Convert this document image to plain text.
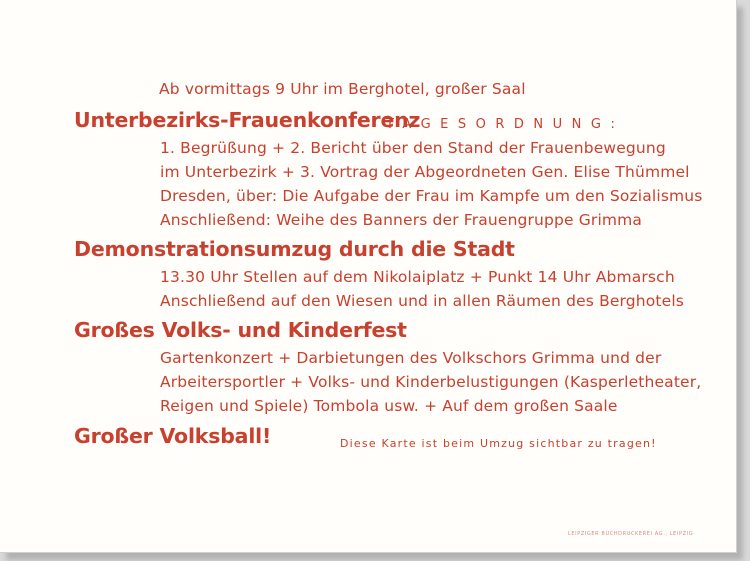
Ab vormittags 9 Uhr im Berghotel, großer Saal
Unterbezirks-Frauenkonferenz
TAGESORDNUNG:
1. Begrüßung + 2. Bericht über den Stand der Frauenbewegung
im Unterbezirk + 3. Vortrag der Abgeordneten Gen. Elise Thümmel
Dresden, über: Die Aufgabe der Frau im Kampfe um den Sozialismus
Anschließend: Weihe des Banners der Frauengruppe Grimma
Demonstrationsumzug durch die Stadt
13.30 Uhr Stellen auf dem Nikolaiplatz + Punkt 14 Uhr Abmarsch
Anschließend auf den Wiesen und in allen Räumen des Berghotels
Großes Volks- und Kinderfest
Gartenkonzert + Darbietungen des Volkschors Grimma und der
Arbeitersportler + Volks- und Kinderbelustigungen (Kasperletheater,
Reigen und Spiele) Tombola usw. + Auf dem großen Saale
Großer Volksball!	Diese Karte ist beim Umzug sichtbar zu tragen!
LEIPZIGER BUCHDRUCKEREI AG., LEIPZIG
